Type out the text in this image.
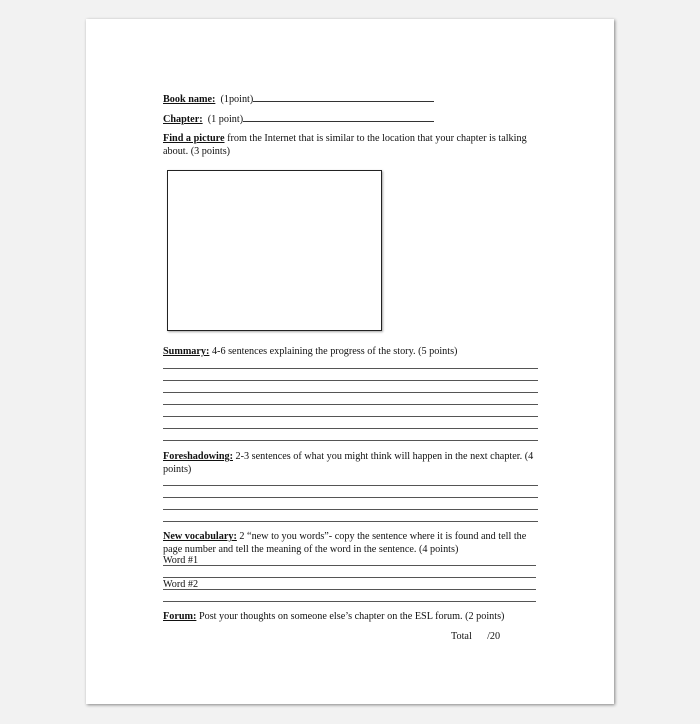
Book name: (1point)
Chapter: (1 point)
Find a picture from the Internet that is similar to the location that your chapter is talking about. (3 points)
Summary: 4-6 sentences explaining the progress of the story. (5 points)
Foreshadowing: 2-3 sentences of what you might think will happen in the next chapter. (4 points)
New vocabulary: 2 “new to you words”- copy the sentence where it is found and tell the page number and tell the meaning of the word in the sentence. (4 points)
Word #1
Word #2
Forum: Post your thoughts on someone else’s chapter on the ESL forum. (2 points)
Total /20
